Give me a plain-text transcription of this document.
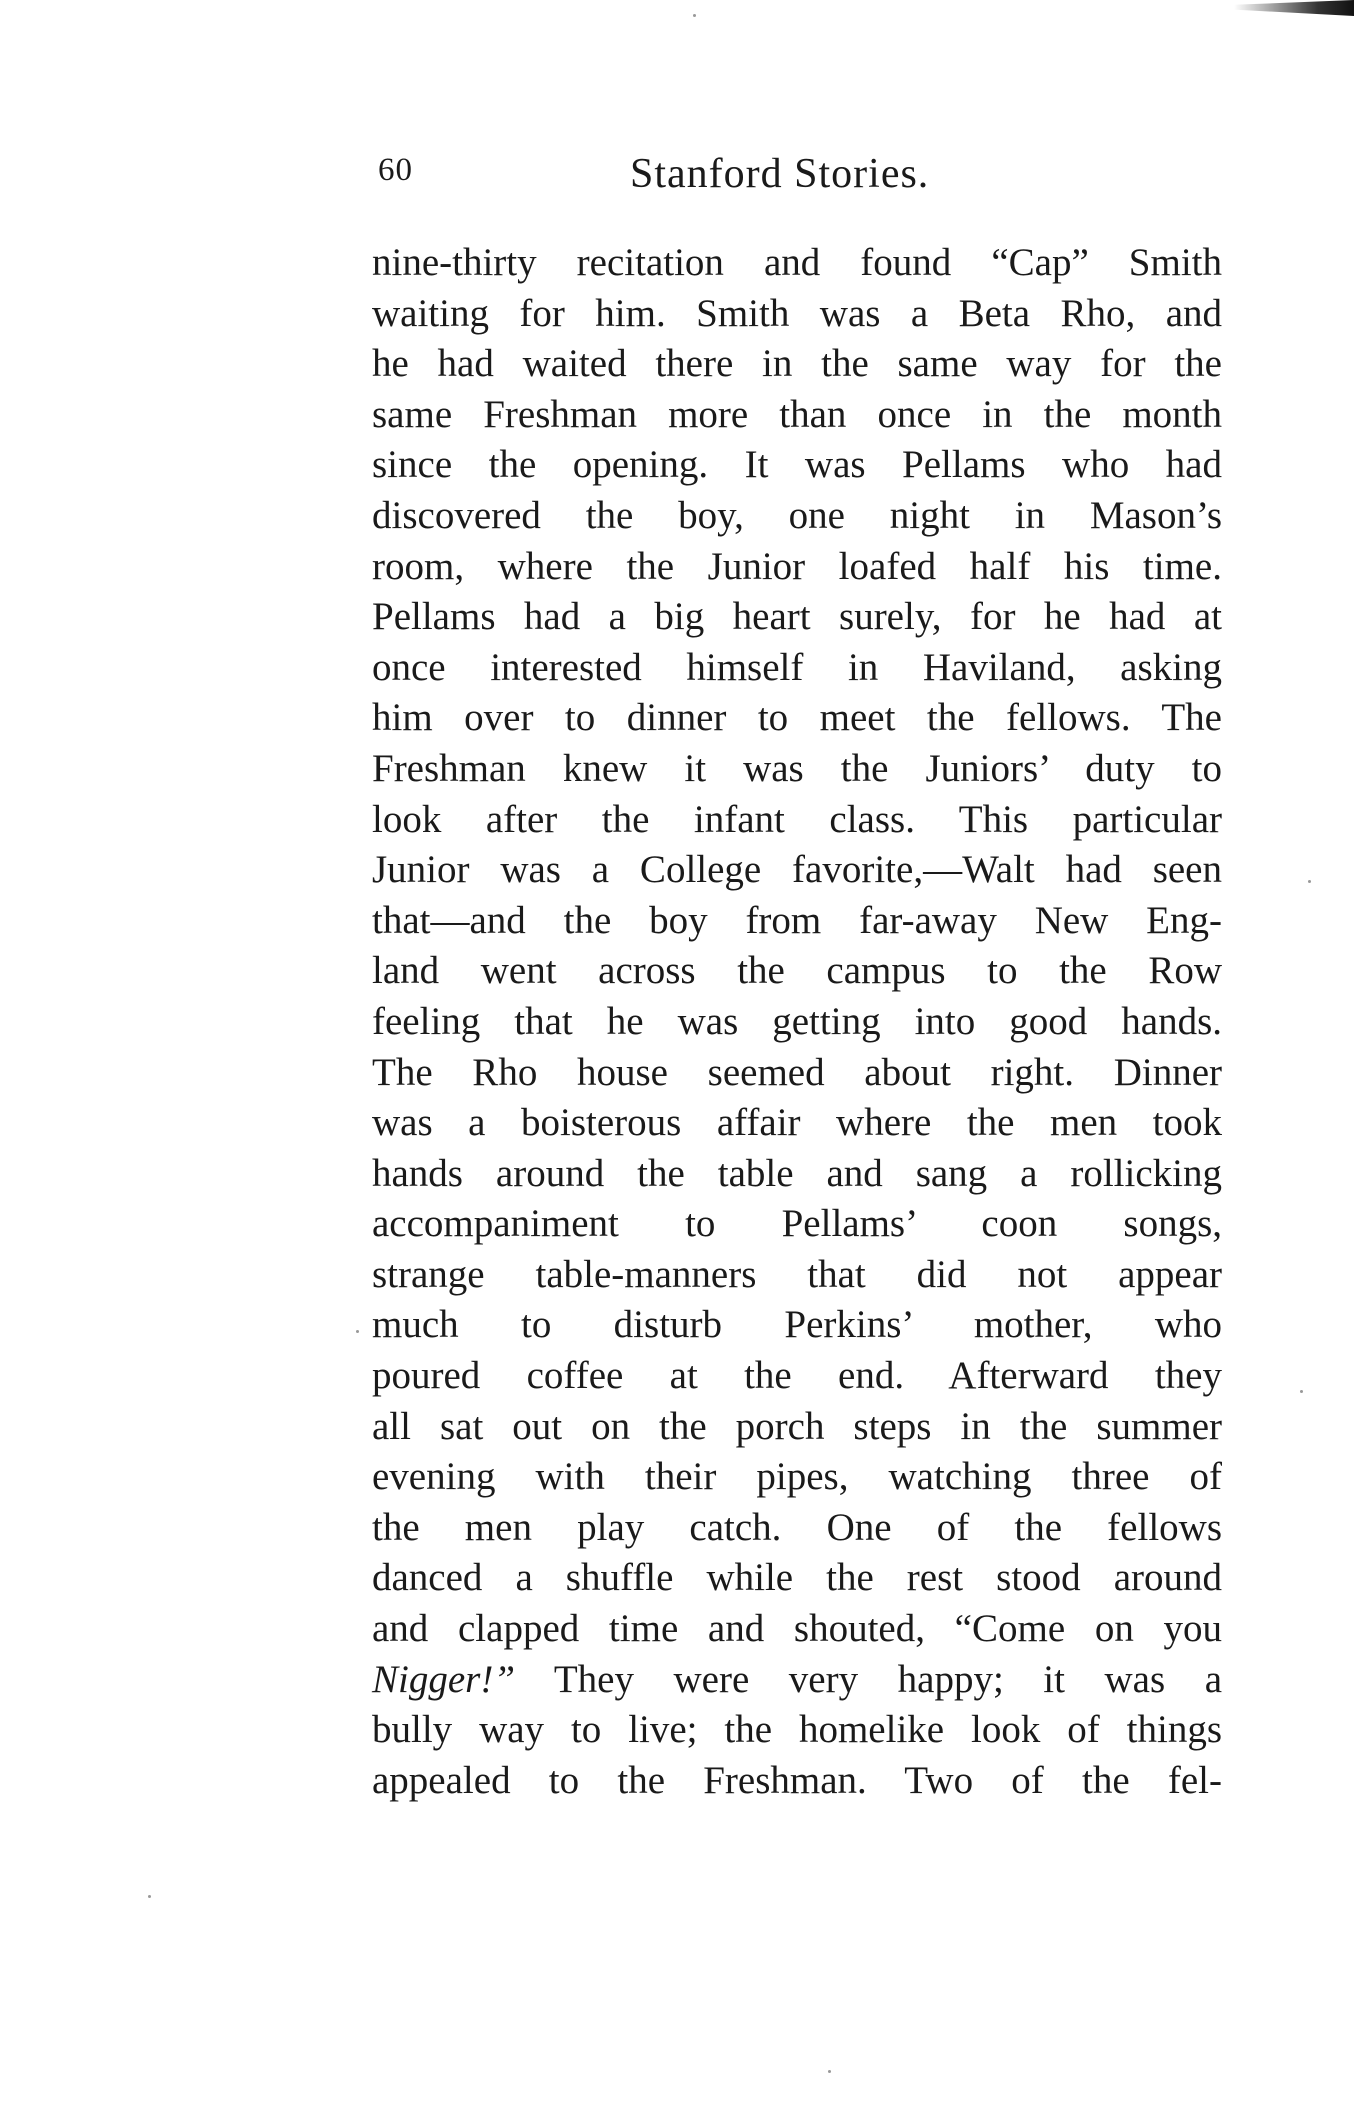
60	Stanford Stories.
nine-thirty recitation and found “Cap” Smith
waiting for him. Smith was a Beta Rho, and
he had waited there in the same way for the
same Freshman more than once in the month
since the opening. It was Pellams who had
discovered the boy, one night in Mason’s
room, where the Junior loafed half his time.
Pellams had a big heart surely, for he had at
once interested himself in Haviland, asking
him over to dinner to meet the fellows. The
Freshman knew it was the Juniors’ duty to
look after the infant class. This particular
Junior was a College favorite,—Walt had seen
that—and the boy from far-away New Eng-
land went across the campus to the Row
feeling that he was getting into good hands.
The Rho house seemed about right. Dinner
was a boisterous affair where the men took
hands around the table and sang a rollicking
accompaniment to Pellams’ coon songs,
strange table-manners that did not appear
much to disturb Perkins’ mother, who
poured coffee at the end. Afterward they
all sat out on the porch steps in the summer
evening with their pipes, watching three of
the men play catch. One of the fellows
danced a shuffle while the rest stood around
and clapped time and shouted, “Come on you
Nigger!” They were very happy; it was a
bully way to live; the homelike look of things
appealed to the Freshman. Two of the fel-
